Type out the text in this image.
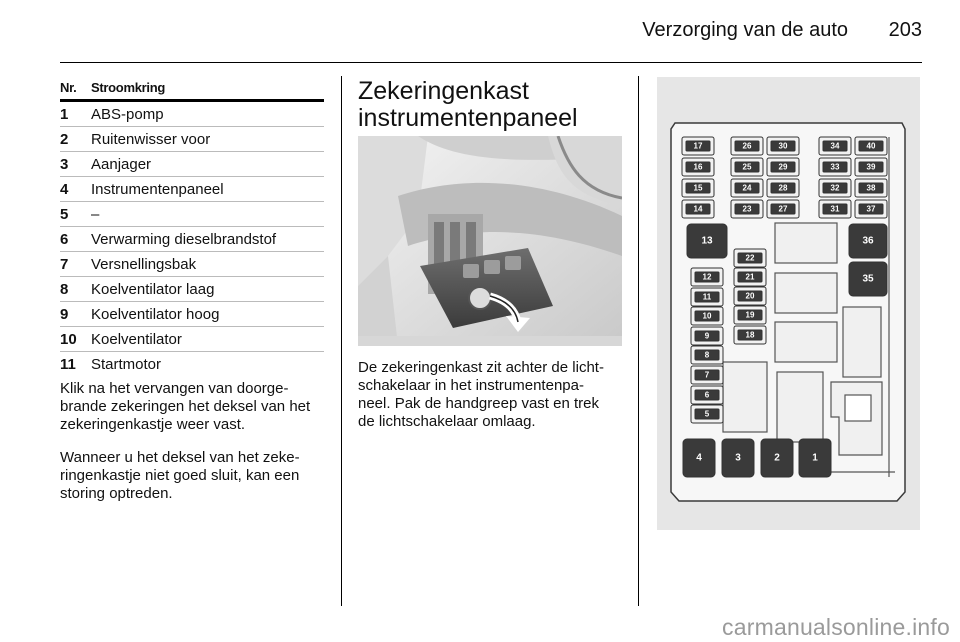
Verzorging van de auto	203
Nr.	Stroomkring
1	ABS-pomp
2	Ruitenwisser voor
3	Aanjager
4	Instrumentenpaneel
5	–
6	Verwarming dieselbrandstof
7	Versnellingsbak
8	Koelventilator laag
9	Koelventilator hoog
10 Koelventilator
11	Startmotor
Klik na het vervangen van doorge-
brande zekeringen het deksel van het
zekeringenkastje weer vast.
Wanneer u het deksel van het zeke-
ringenkastje niet goed sluit, kan een
storing optreden.
Zekeringenkast
instrumentenpaneel
De zekeringenkast zit achter de licht-
schakelaar in het instrumentenpa-
neel. Pak de handgreep vast en trek
de lichtschakelaar omlaag.
17
16
15
14
26
25
24
23
30
29
28
27
34
33
32
31
40
39
38
37
13	36
35
22
21
20
19
18
12
11
10
9
8
7
6
5
4	3	2	1
carmanualsonline.info
